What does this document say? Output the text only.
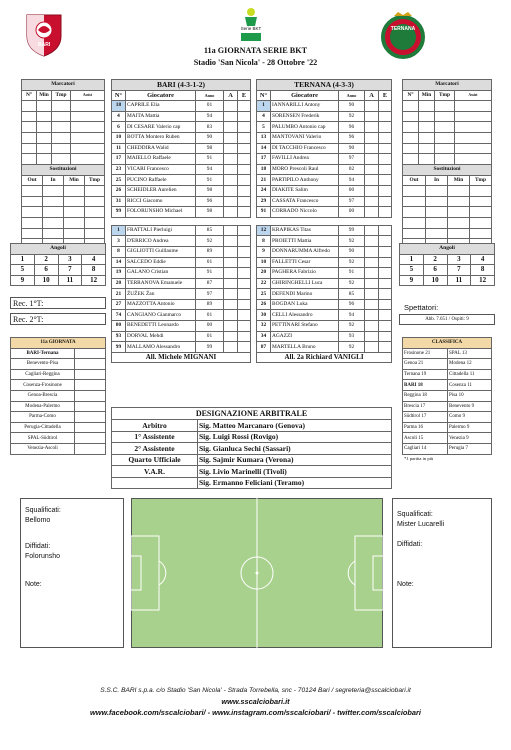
BARI
Serie BKT	TERNANA
11a GIORNATA SERIE BKT
Stadio 'San Nicola' - 28 Ottobre '22
Marcatori			
N°	Min	Tmp	Assist

Sostituzioni			
Out	In	Min	Tmp

Angoli			
1	2	3	4
5	6	7	8
9	10	11	12
Rec. 1°T:
Rec. 2°T:
11a GIORNATA	
BARI-Ternana	
Benevento-Pisa	
Cagliari-Reggina	
Cosenza-Frosinone	
Genoa-Brescia	
Modena-Palermo	
Parma-Como	
Perugia-Cittadella	
SPAL-Südtirol	
Venezia-Ascoli	
BARI (4-3-1-2)				
N°	Giocatore	Anno	A	E
18	CAPRILE Elia	01		
4	MAITA Mattia	94		
6	DI CESARE Valerio cap	83		
10	BOTTA Montero Ruben	90		
11	CHEDDIRA Walid	98		
17	MAIELLO Raffaele	91		
23	VICARI Francesco	94		
25	PUCINO Raffaele	91		
26	SCHEIDLER Aurelien	98		
31	RICCI Giacomo	96		
99	FOLORUNSHO Michael	98		

1	FRATTALI Pierluigi	85		
3	D'ERRICO Andrea	92		
8	GIGLIOTTI Guillaume	89		
14	SALCEDO Eddie	01		
19	GALANO Cristian	91		
20	TERRANOVA Emanuele	87		
21	ŽUŽEK Žan	97		
27	MAZZOTTA Antonio	89		
74	CANGIANO Gianmarco	01		
80	BENEDETTI Leonardo	00		
93	DORVAL Mehdi	01		
99	MALLAMO Alessandro	99		
All. Michele MIGNANI				
TERNANA (4-3-3)				
N°	Giocatore	Anno	A	E
1	IANNARILLI Antony	90		
4	SORENSEN Frederik	92		
5	PALUMBO Antonio cap	96		
13	MANTOVANI Valerio	96		
14	DI TACCHIO Francesco	90		
17	FAVILLI Andrea	97		
18	MORO Prescoli Raul	02		
21	PARTIPILO Anthony	94		
24	DIAKITE Salim	00		
29	CASSATA Francesco	97		
91	CORRADO Niccolo	00		

12	KRAPIKAS Titas	99		
8	PROIETTI Mattia	92		
9	DONNARUMMA Alfredo	90		
10	FALLETTI Cesar	92		
20	PAGHERA Fabrizio	91		
22	GHIRINGHELLI Luca	92		
25	DEFENDI Marino	85		
26	BOGDAN Luka	96		
30	CELLI Alessandro	94		
32	PETTINARI Stefano	92		
34	AGAZZI	93		
87	MARTELLA Bruno	92		
All. 2a Richiard VANIGLI				
Marcatori			
N°	Min	Tmp	Assist

Sostituzioni			
Out	In	Min	Tmp

Angoli			
1	2	3	4
5	6	7	8
9	10	11	12
Spettatori:
Abb. 7.651 / Ospiti: 9
CLASSIFICA	
Frosinone 21	SPAL 13
Genoa 21	Modena 12
Ternana 19	Cittadella 11
BARI 18	Cosenza 11
Reggina 18	Pisa 10
Brescia 17	Benevento 9
Südtirol 17	Como 9
Parma 16	Palermo 9
Ascoli 15	Venezia 9
Cagliari 14	Perugia 7
*1 partita in più
DESIGNAZIONE ARBITRALE	
Arbitro	Sig. Matteo Marcanaro (Genova)
1° Assistente	Sig. Luigi Rossi (Rovigo)
2° Assistente	Sig. Gianluca Sechi (Sassari)
Quarto Ufficiale	Sig. Sajmir Kumara (Verona)
V.A.R.	Sig. Livio Marinelli (Tivoli)
	Sig. Ermanno Feliciani (Teramo)
Squalificati:
Bellomo
Diffidati:
Folorunsho
Note:
Squalificati:
Mister Lucarelli
Diffidati:
Note:
S.S.C. BARI s.p.a. c/o Stadio 'San Nicola' - Strada Torrebella, snc - 70124 Bari / segreteria@sscalciobari.it
www.sscalciobari.it
www.facebook.com/sscalciobari/ - www.instagram.com/sscalciobari/ - twitter.com/sscalciobari
